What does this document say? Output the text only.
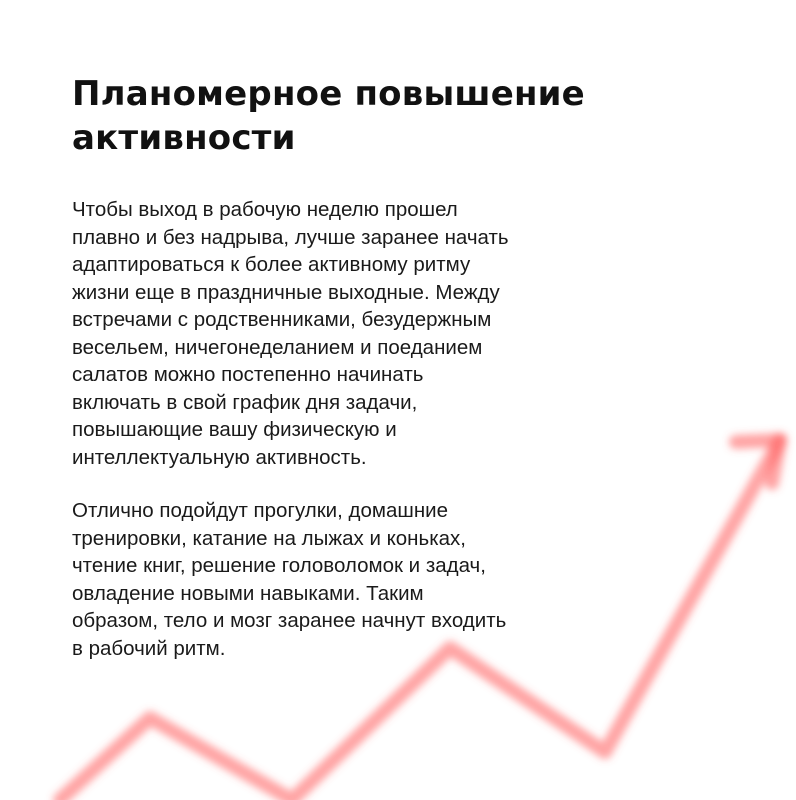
Планомерное повышение
активности

Чтобы выход в рабочую неделю прошел
плавно и без надрыва, лучше заранее начать
адаптироваться к более активному ритму
жизни еще в праздничные выходные. Между
встречами с родственниками, безудержным
весельем, ничегонеделанием и поеданием
салатов можно постепенно начинать
включать в свой график дня задачи,
повышающие вашу физическую и
интеллектуальную активность.

Отлично подойдут прогулки, домашние
тренировки, катание на лыжах и коньках,
чтение книг, решение головоломок и задач,
овладение новыми навыками. Таким
образом, тело и мозг заранее начнут входить
в рабочий ритм.
